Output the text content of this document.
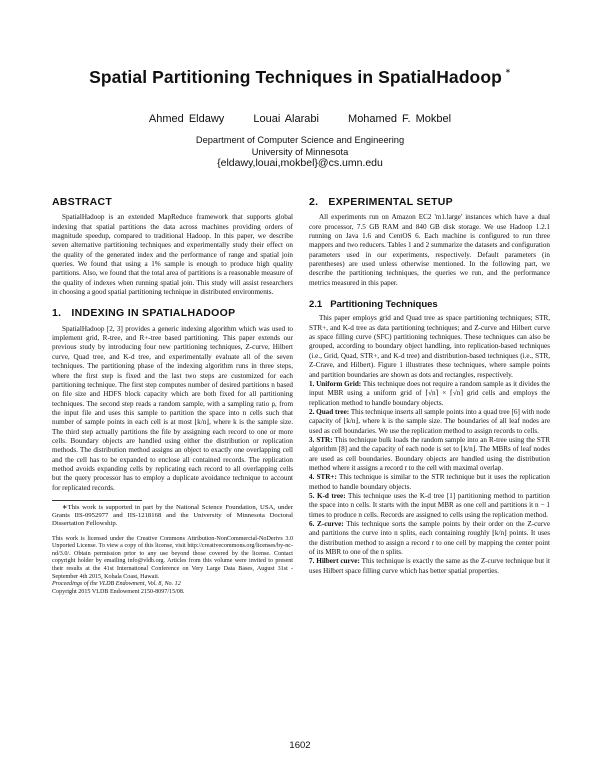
Spatial Partitioning Techniques in SpatialHadoop ∗
Ahmed Eldawy	Louai Alarabi	Mohamed F. Mokbel
Department of Computer Science and Engineering
University of Minnesota
{eldawy,louai,mokbel}@cs.umn.edu
ABSTRACT

SpatialHadoop is an extended MapReduce framework that supports global indexing that spatial partitions the data across machines providing orders of magnitude speedup, compared to traditional Hadoop. In this paper, we describe seven alternative partitioning techniques and experimentally study their effect on the quality of the generated index and the performance of range and spatial join queries. We found that using a 1% sample is enough to produce high quality partitions. Also, we found that the total area of partitions is a reasonable measure of the quality of indexes when running spatial join. This study will assist researchers in choosing a good spatial partitioning technique in distributed environments.

1. INDEXING IN SPATIALHADOOP

SpatialHadoop [2, 3] provides a generic indexing algorithm which was used to implement grid, R-tree, and R+-tree based partitioning. This paper extends our previous study by introducing four new partitioning techniques, Z-curve, Hilbert curve, Quad tree, and K-d tree, and experimentally evaluate all of the seven techniques. The partitioning phase of the indexing algorithm runs in three steps, where the first step is fixed and the last two steps are customized for each partitioning technique. The first step computes number of desired partitions n based on file size and HDFS block capacity which are both fixed for all partitioning techniques. The second step reads a random sample, with a sampling ratio ρ, from the input file and uses this sample to partition the space into n cells such that number of sample points in each cell is at most ⌊k/n⌋, where k is the sample size. The third step actually partitions the file by assigning each record to one or more cells. Boundary objects are handled using either the distribution or replication methods. The distribution method assigns an object to exactly one overlapping cell and the cell has to be expanded to enclose all contained records. The replication method avoids expanding cells by replicating each record to all overlapping cells but the query processor has to employ a duplicate avoidance technique to account for replicated records.

∗This work is supported in part by the National Science Foundation, USA, under Grants IIS-0952977 and IIS-1218168 and the University of Minnesota Doctoral Dissertation Fellowship.

This work is licensed under the Creative Commons Attribution-NonCommercial-NoDerivs 3.0 Unported License. To view a copy of this license, visit http://creativecommons.org/licenses/by-nc-nd/3.0/. Obtain permission prior to any use beyond those covered by the license. Contact copyright holder by emailing info@vldb.org. Articles from this volume were invited to present their results at the 41st International Conference on Very Large Data Bases, August 31st - September 4th 2015, Kohala Coast, Hawaii.

Proceedings of the VLDB Endowment, Vol. 8, No. 12

Copyright 2015 VLDB Endowment 2150-8097/15/08.

2. EXPERIMENTAL SETUP

All experiments run on Amazon EC2 'm1.large' instances which have a dual core processor, 7.5 GB RAM and 840 GB disk storage. We use Hadoop 1.2.1 running on Java 1.6 and CentOS 6. Each machine is configured to run three mappers and two reducers. Tables 1 and 2 summarize the datasets and configuration parameters used in our experiments, respectively. Default parameters (in parentheses) are used unless otherwise mentioned. In the following part, we describe the partitioning techniques, the queries we run, and the performance metrics measured in this paper.

2.1 Partitioning Techniques

This paper employs grid and Quad tree as space partitioning techniques; STR, STR+, and K-d tree as data partitioning techniques; and Z-curve and Hilbert curve as space filling curve (SFC) partitioning techniques. These techniques can also be grouped, according to boundary object handling, into replication-based techniques (i.e., Grid, Quad, STR+, and K-d tree) and distribution-based techniques (i.e., STR, Z-Crave, and Hilbert). Figure 1 illustrates these techniques, where sample points and partition boundaries are shown as dots and rectangles, respectively.

1. Uniform Grid: This technique does not require a random sample as it divides the input MBR using a uniform grid of ⌈√n⌉ × ⌈√n⌉ grid cells and employs the replication method to handle boundary objects.

2. Quad tree: This technique inserts all sample points into a quad tree [6] with node capacity of ⌊k/n⌋, where k is the sample size. The boundaries of all leaf nodes are used as cell boundaries. We use the replication method to assign records to cells.

3. STR: This technique bulk loads the random sample into an R-tree using the STR algorithm [8] and the capacity of each node is set to ⌊k/n⌋. The MBRs of leaf nodes are used as cell boundaries. Boundary objects are handled using the distribution method where it assigns a record r to the cell with maximal overlap.

4. STR+: This technique is similar to the STR technique but it uses the replication method to handle boundary objects.

5. K-d tree: This technique uses the K-d tree [1] partitioning method to partition the space into n cells. It starts with the input MBR as one cell and partitions it n − 1 times to produce n cells. Records are assigned to cells using the replication method.

6. Z-curve: This technique sorts the sample points by their order on the Z-curve and partitions the curve into n splits, each containing roughly ⌊k/n⌋ points. It uses the distribution method to assign a record r to one cell by mapping the center point of its MBR to one of the n splits.

7. Hilbert curve: This technique is exactly the same as the Z-curve technique but it uses Hilbert space filling curve which has better spatial properties.

1602
